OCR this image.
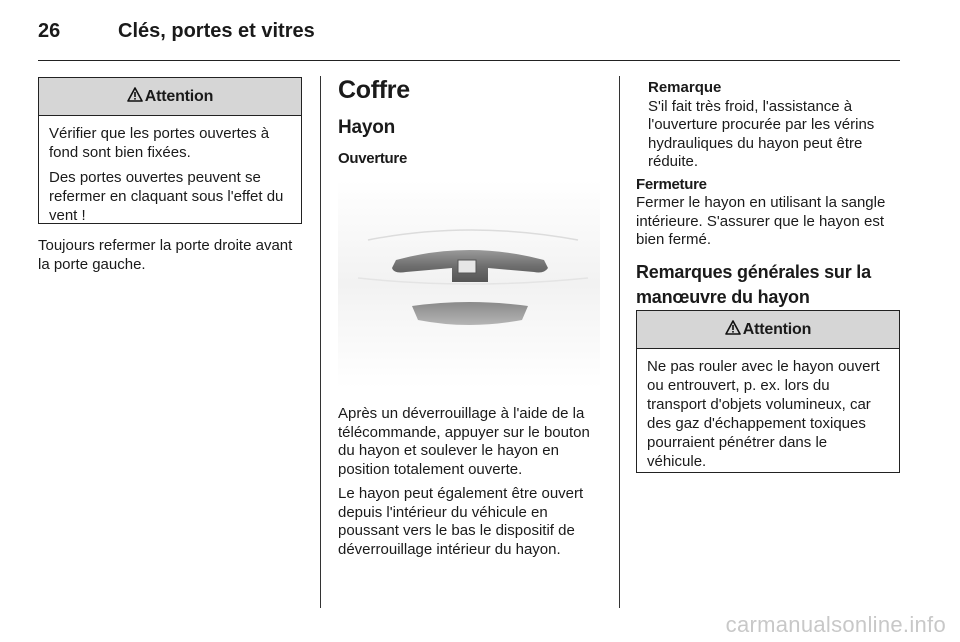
26	Clés, portes et vitres
Attention

Vérifier que les portes ouvertes à fond sont bien fixées.

Des portes ouvertes peuvent se refermer en claquant sous l'effet du vent !

Toujours refermer la porte droite avant la porte gauche.

Coffre
Hayon
Ouverture

Après un déverrouillage à l'aide de la télécommande, appuyer sur le bouton du hayon et soulever le hayon en position totalement ouverte.

Le hayon peut également être ouvert depuis l'intérieur du véhicule en poussant vers le bas le dispositif de déverrouillage intérieur du hayon.

Remarque

S'il fait très froid, l'assistance à l'ouverture procurée par les vérins hydrauliques du hayon peut être réduite.

Fermeture

Fermer le hayon en utilisant la sangle intérieure. S'assurer que le hayon est bien fermé.

Remarques générales sur la
manœuvre du hayon
Attention

Ne pas rouler avec le hayon ouvert ou entrouvert, p. ex. lors du transport d'objets volumineux, car des gaz d'échappement toxiques pourraient pénétrer dans le véhicule.

carmanualsonline.info
